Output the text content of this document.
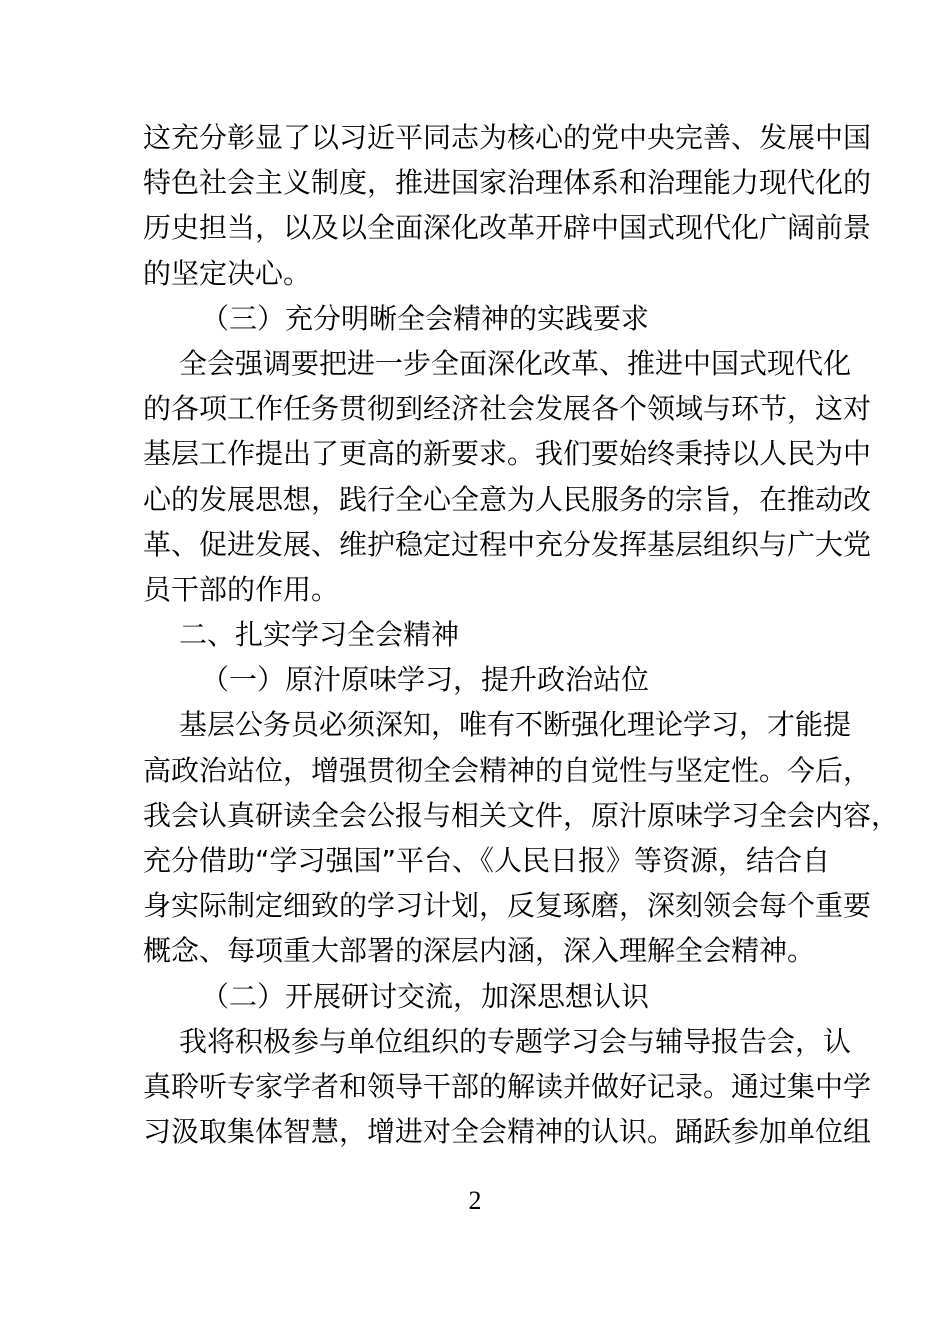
这充分彰显了以习近平同志为核心的党中央完善、发展中国
特色社会主义制度，推进国家治理体系和治理能力现代化的
历史担当，以及以全面深化改革开辟中国式现代化广阔前景
的坚定决心。
（三）充分明晰全会精神的实践要求
全会强调要把进一步全面深化改革、推进中国式现代化
的各项工作任务贯彻到经济社会发展各个领域与环节，这对
基层工作提出了更高的新要求。我们要始终秉持以人民为中
心的发展思想，践行全心全意为人民服务的宗旨，在推动改
革、促进发展、维护稳定过程中充分发挥基层组织与广大党
员干部的作用。
二、扎实学习全会精神
（一）原汁原味学习，提升政治站位
基层公务员必须深知，唯有不断强化理论学习，才能提
高政治站位，增强贯彻全会精神的自觉性与坚定性。今后，
我会认真研读全会公报与相关文件，原汁原味学习全会内容，
充分借助“学习强国”平台、《人民日报》等资源，结合自
身实际制定细致的学习计划，反复琢磨，深刻领会每个重要
概念、每项重大部署的深层内涵，深入理解全会精神。
（二）开展研讨交流，加深思想认识
我将积极参与单位组织的专题学习会与辅导报告会，认
真聆听专家学者和领导干部的解读并做好记录。通过集中学
习汲取集体智慧，增进对全会精神的认识。踊跃参加单位组
2
